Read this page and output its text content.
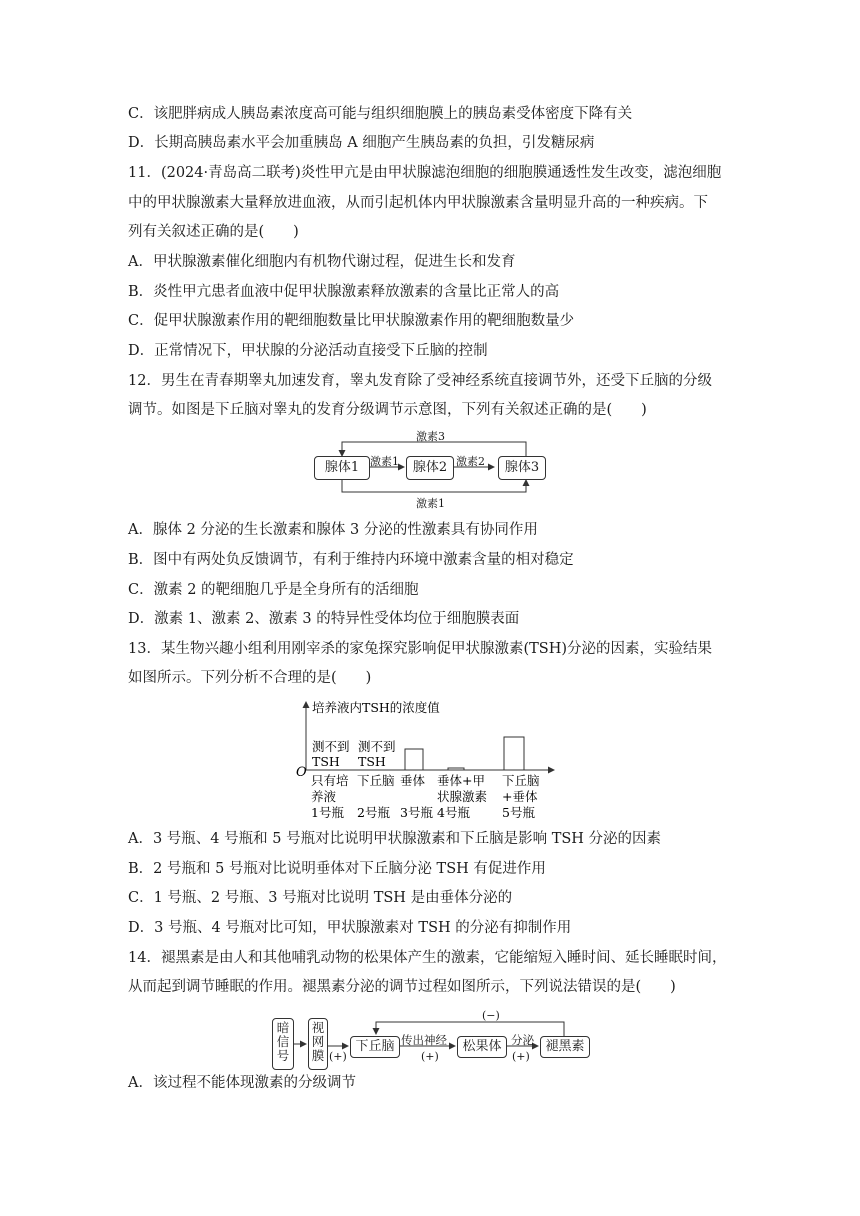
C．该肥胖病成人胰岛素浓度高可能与组织细胞膜上的胰岛素受体密度下降有关
D．长期高胰岛素水平会加重胰岛 A 细胞产生胰岛素的负担，引发糖尿病
11．(2024·青岛高二联考)炎性甲亢是由甲状腺滤泡细胞的细胞膜通透性发生改变，滤泡细胞
中的甲状腺激素大量释放进血液，从而引起机体内甲状腺激素含量明显升高的一种疾病。下
列有关叙述正确的是(　　)
A．甲状腺激素催化细胞内有机物代谢过程，促进生长和发育
B．炎性甲亢患者血液中促甲状腺激素释放激素的含量比正常人的高
C．促甲状腺激素作用的靶细胞数量比甲状腺激素作用的靶细胞数量少
D．正常情况下，甲状腺的分泌活动直接受下丘脑的控制
12．男生在青春期睾丸加速发育，睾丸发育除了受神经系统直接调节外，还受下丘脑的分级
调节。如图是下丘脑对睾丸的发育分级调节示意图，下列有关叙述正确的是(　　)
腺体1	腺体2	腺体3
激素1	激素2
激素3
激素1
A．腺体 2 分泌的生长激素和腺体 3 分泌的性激素具有协同作用
B．图中有两处负反馈调节，有利于维持内环境中激素含量的相对稳定
C．激素 2 的靶细胞几乎是全身所有的活细胞
D．激素 1、激素 2、激素 3 的特异性受体均位于细胞膜表面
13．某生物兴趣小组利用刚宰杀的家兔探究影响促甲状腺激素(TSH)分泌的因素，实验结果
如图所示。下列分析不合理的是(　　)
培养液内TSH的浓度值
O
只有培
养液
1号瓶
下丘脑
2号瓶
垂体
3号瓶
垂体+甲
状腺激素
4号瓶
下丘脑
+垂体
5号瓶
测不到
TSH
测不到
TSH
A．3 号瓶、4 号瓶和 5 号瓶对比说明甲状腺激素和下丘脑是影响 TSH 分泌的因素
B．2 号瓶和 5 号瓶对比说明垂体对下丘脑分泌 TSH 有促进作用
C．1 号瓶、2 号瓶、3 号瓶对比说明 TSH 是由垂体分泌的
D．3 号瓶、4 号瓶对比可知，甲状腺激素对 TSH 的分泌有抑制作用
14．褪黑素是由人和其他哺乳动物的松果体产生的激素，它能缩短入睡时间、延长睡眠时间，
从而起到调节睡眠的作用。褪黑素分泌的调节过程如图所示，下列说法错误的是(　　)
暗
信
号
视
网
膜
下丘脑	松果体	褪黑素
传出神经	分泌
(+)	(+)	(+)
(−)
A．该过程不能体现激素的分级调节
